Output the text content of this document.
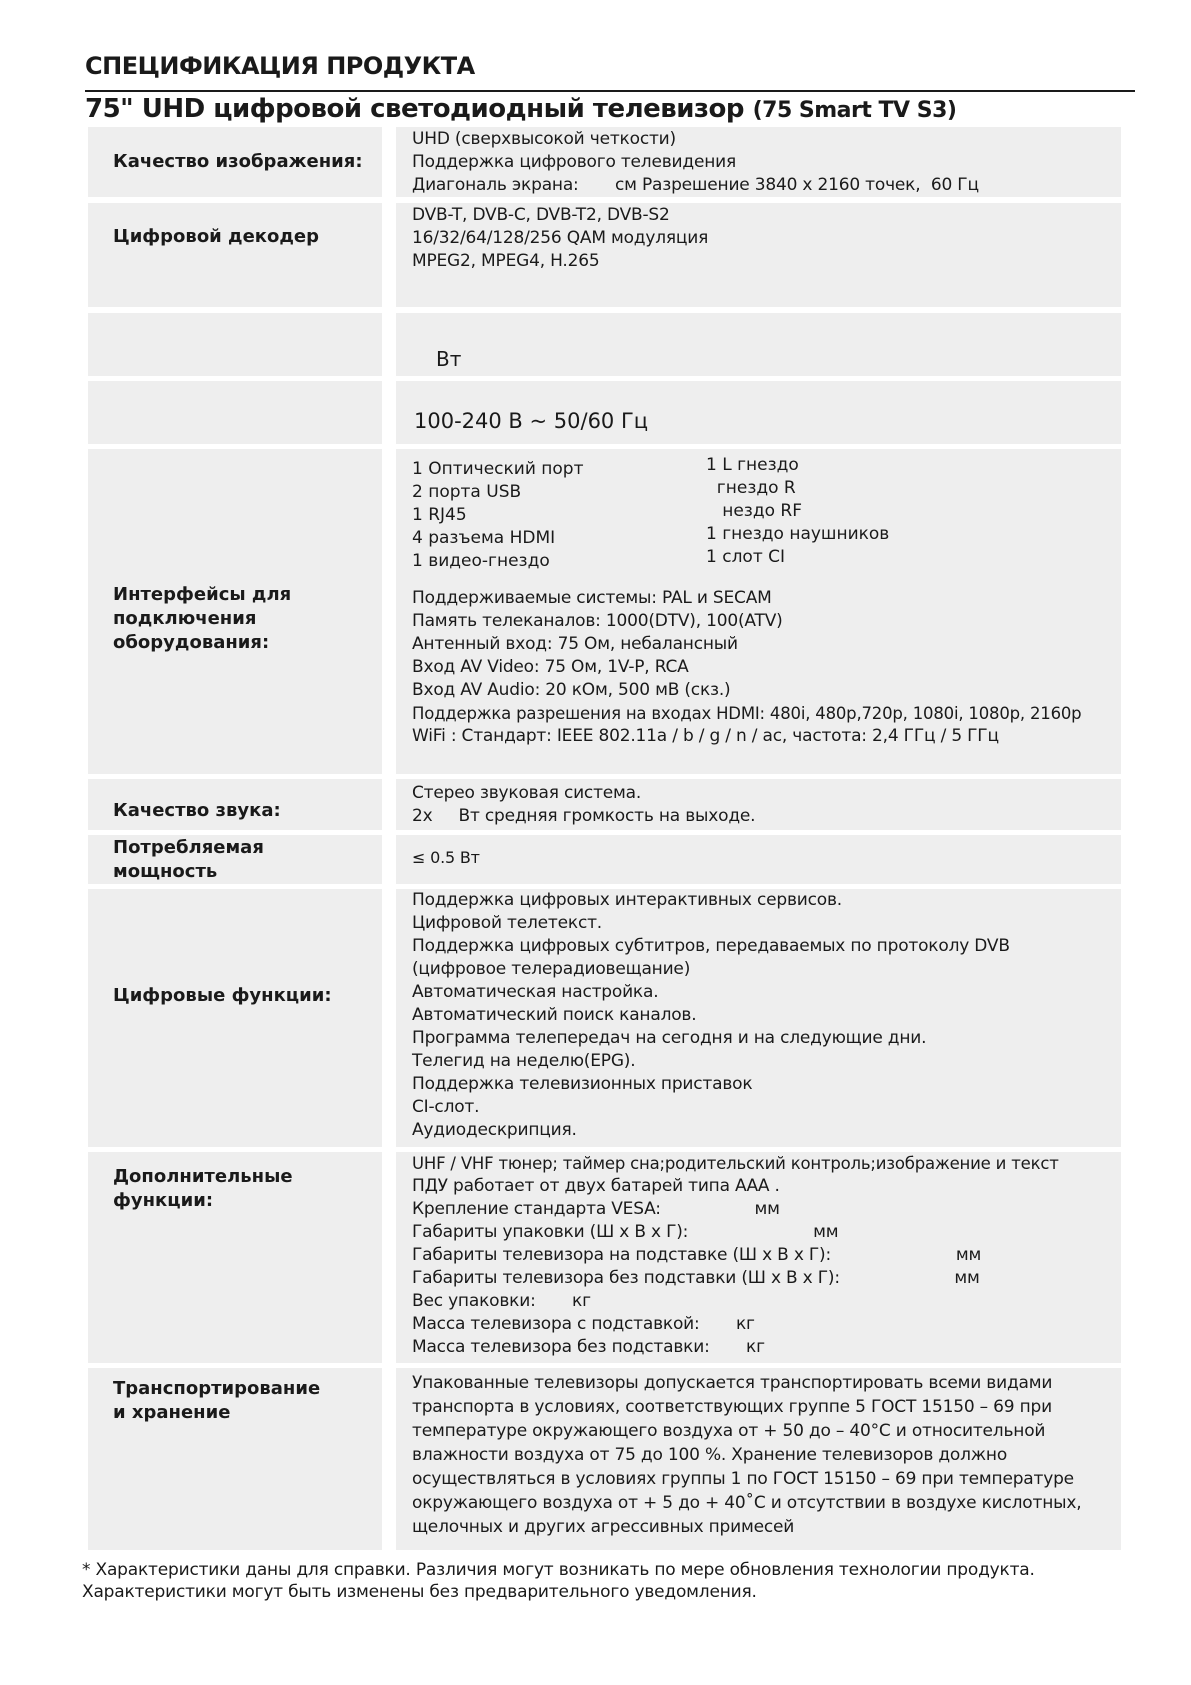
СПЕЦИФИКАЦИЯ ПРОДУКТА
75" UHD цифровой светодиодный телевизор (75 Smart TV S3)
Качество изображения:
UHD (сверхвысокой четкости)
Поддержка цифрового телевидения
Диагональ экрана:       см Разрешение 3840 x 2160 точек,  60 Гц
Цифровой декодер
DVB-T, DVB-C, DVB-T2, DVB-S2
16/32/64/128/256 QAM модуляция
MPEG2, MPEG4, H.265
Вт
100-240 В ~ 50/60 Гц
Интерфейсы для
подключения
оборудования:
1 Оптический порт
2 порта USB
1 RJ45
4 разъема HDMI
1 видео-гнездо
1 L гнездо
гнездо R
нездо RF
1 гнездо наушников
1 слот CI
Поддерживаемые системы: PAL и SECAM
Память телеканалов: 1000(DTV), 100(ATV)
Антенный вход: 75 Ом, небалансный
Вход AV Video: 75 Ом, 1V-P, RCA
Вход AV Audio: 20 кОм, 500 мВ (скз.)
Поддержка разрешения на входах HDMI: 480i, 480p,720p, 1080i, 1080p, 2160p
WiFi : Стандарт: IEEE 802.11a / b / g / n / ac, частота: 2,4 ГГц / 5 ГГц
Качество звука:
Стерео звуковая система.
2х     Вт средняя громкость на выходе.
Потребляемая мощность
≤ 0.5 Вт
Цифровые функции:
Поддержка цифровых интерактивных сервисов.
Цифровой телетекст.
Поддержка цифровых субтитров, передаваемых по протоколу DVB
(цифровое телерадиовещание)
Автоматическая настройка.
Автоматический поиск каналов.
Программа телепередач на сегодня и на следующие дни.
Телегид на неделю(EPG).
Поддержка телевизионных приставок
CI-слот.
Аудиодескрипция.
Дополнительные
функции:
UHF / VHF тюнер; таймер сна;родительский контроль;изображение и текст
ПДУ работает от двух батарей типа ААА .
Крепление стандарта VESA:                  мм
Габариты упаковки (Ш x В x Г):                        мм
Габариты телевизора на подставке (Ш x В x Г):                        мм
Габариты телевизора без подставки (Ш x В x Г):                      мм
Вес упаковки:       кг
Масса телевизора с подставкой:       кг
Масса телевизора без подставки:       кг
Транспортирование
и хранение
Упакованные телевизоры допускается транспортировать всеми видами
транспорта в условиях, соответствующих группе 5 ГОСТ 15150 – 69 при
температуре окружающего воздуха от + 50 до – 40°С и относительной
влажности воздуха от 75 до 100 %. Хранение телевизоров должно
осуществляться в условиях группы 1 по ГОСТ 15150 – 69 при температуре
окружающего воздуха от + 5 до + 40˚С и отсутствии в воздухе кислотных,
щелочных и других агрессивных примесей
* Характеристики даны для справки. Различия могут возникать по мере обновления технологии продукта.
Характеристики могут быть изменены без предварительного уведомления.
